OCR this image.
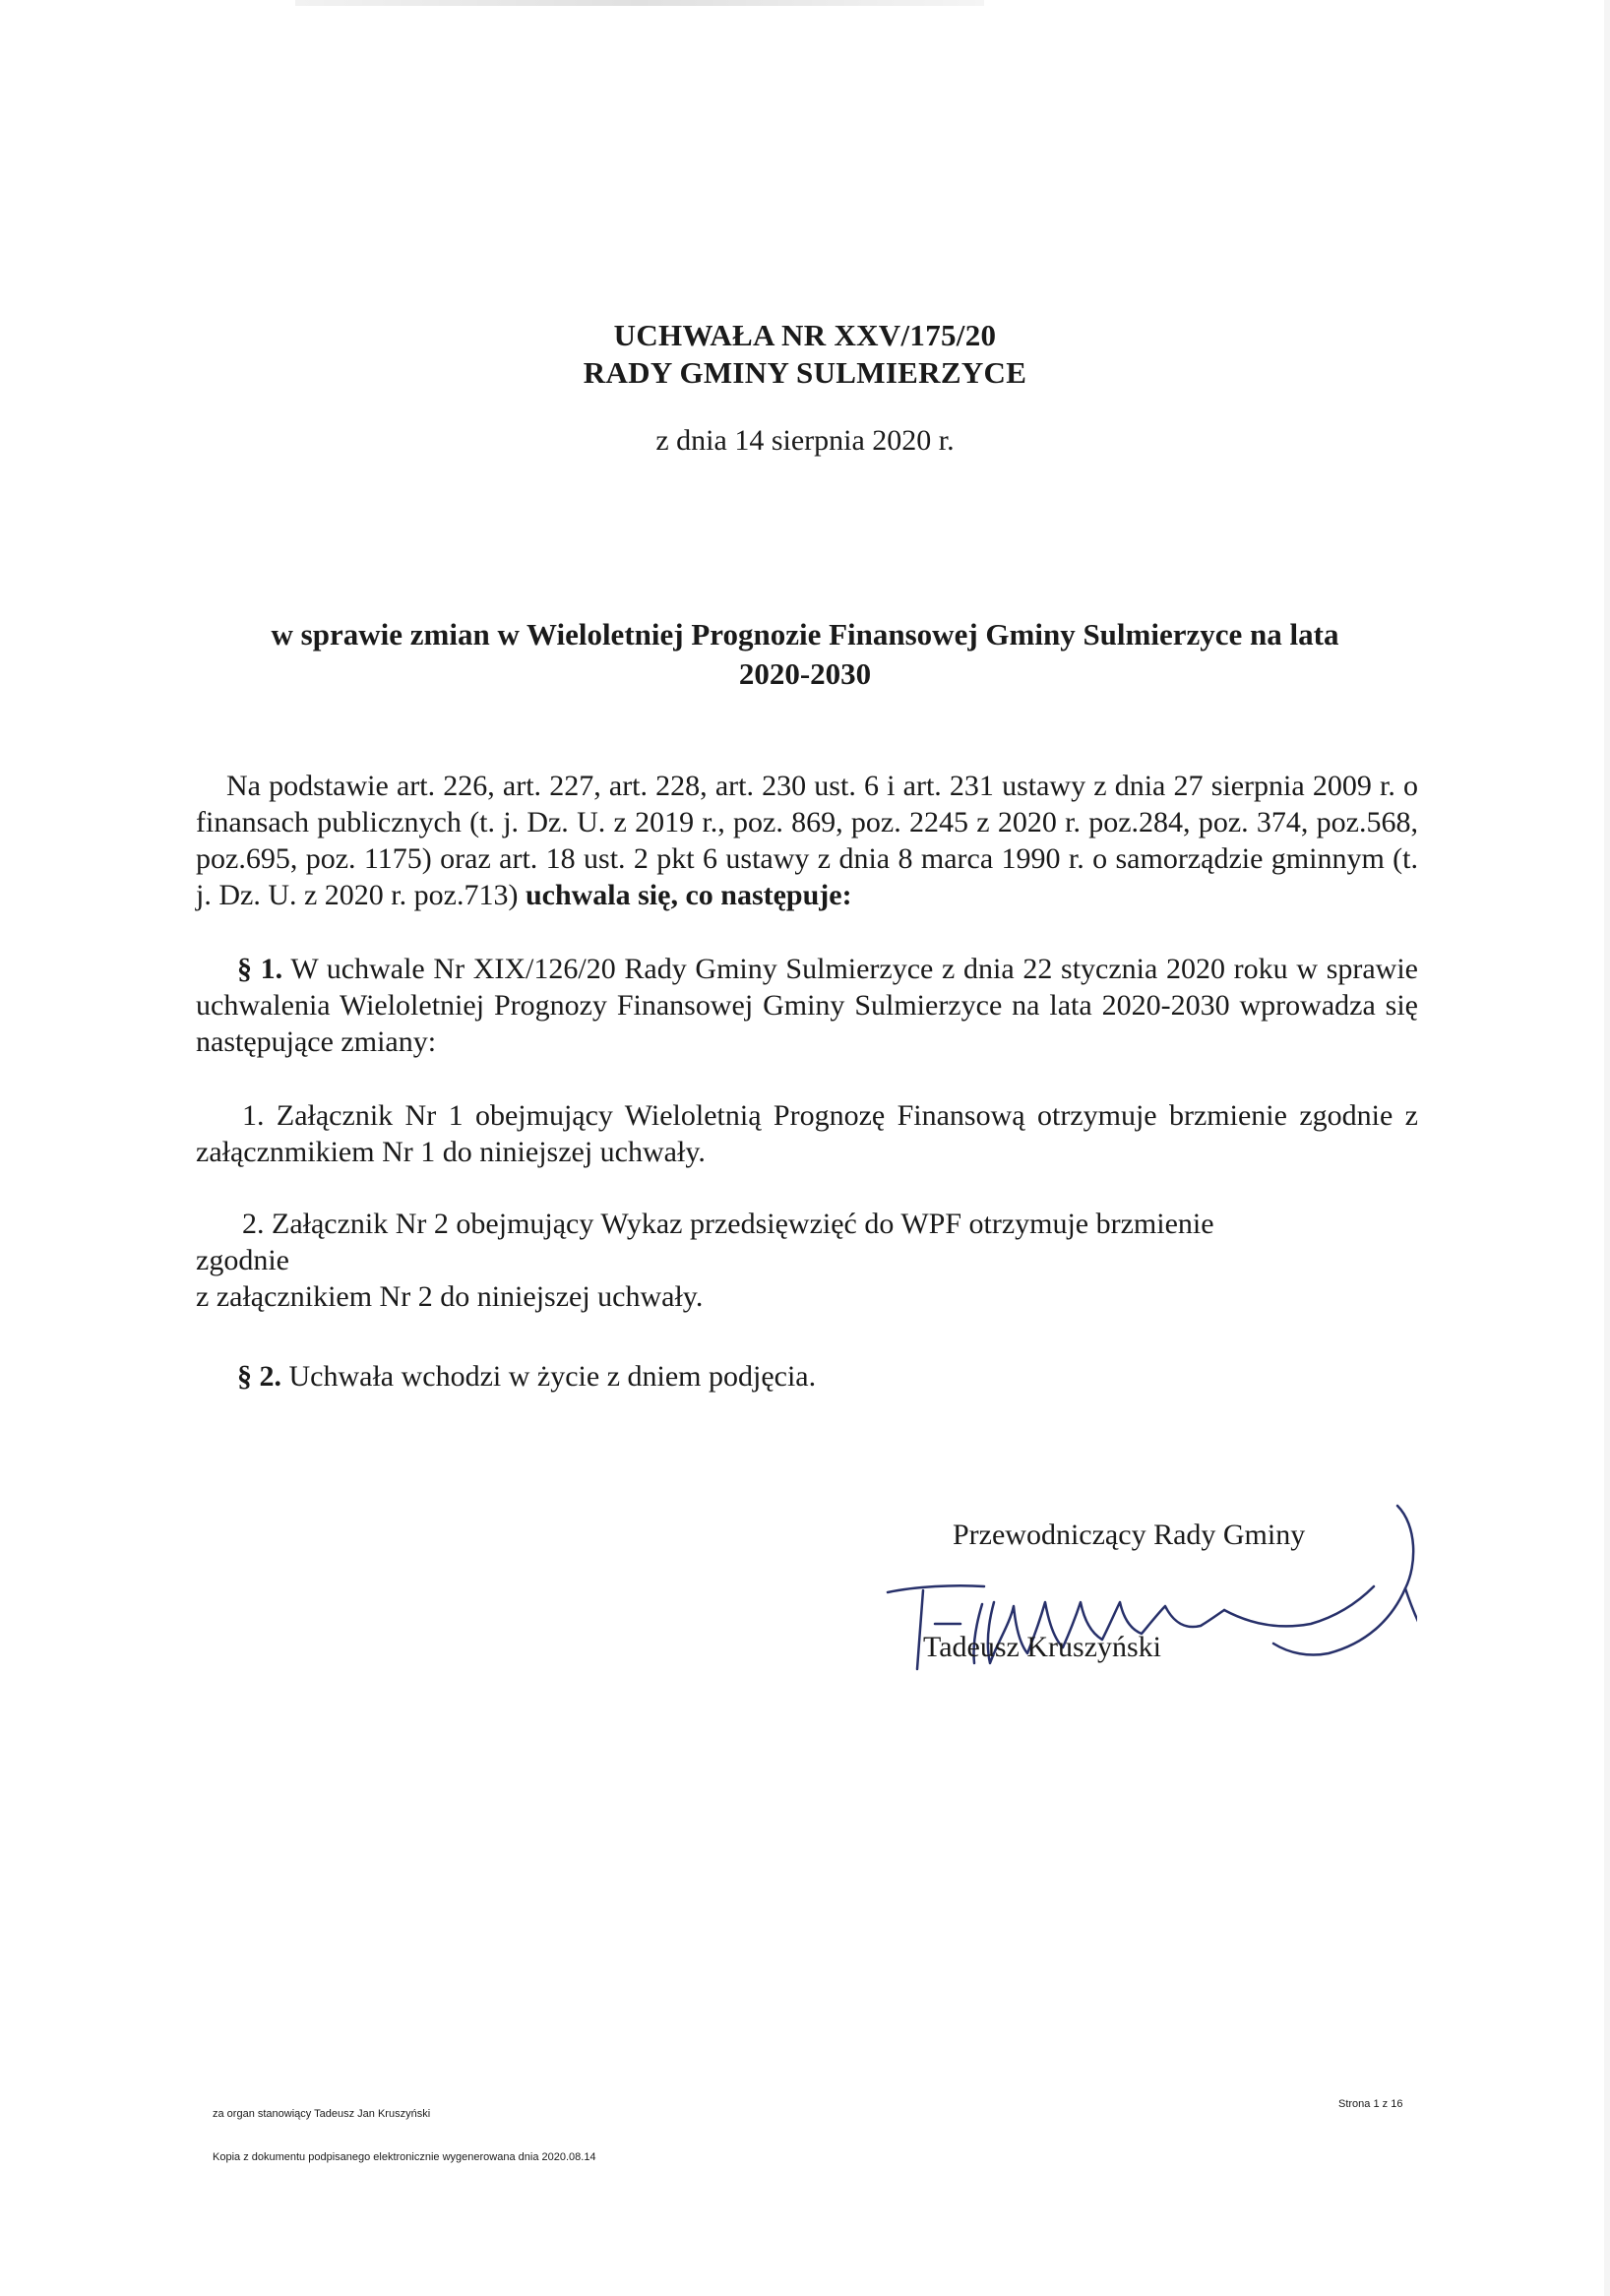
UCHWAŁA NR XXV/175/20
RADY GMINY SULMIERZYCE
z dnia 14 sierpnia 2020 r.
w sprawie zmian w Wieloletniej Prognozie Finansowej Gminy Sulmierzyce na lata
2020-2030
Na podstawie art. 226, art. 227, art. 228, art. 230 ust. 6 i art. 231 ustawy z dnia 27 sierpnia 2009 r. o finansach publicznych (t. j. Dz. U. z 2019 r., poz. 869, poz. 2245 z 2020 r. poz.284, poz. 374, poz.568, poz.695, poz. 1175) oraz art. 18 ust. 2 pkt 6 ustawy z dnia 8 marca 1990 r. o samorządzie gminnym (t. j. Dz. U. z 2020 r. poz.713) uchwala się, co następuje:
§ 1. W uchwale Nr XIX/126/20 Rady Gminy Sulmierzyce z dnia 22 stycznia 2020 roku w sprawie uchwalenia Wieloletniej Prognozy Finansowej Gminy Sulmierzyce na lata 2020-2030 wprowadza się następujące zmiany:
1. Załącznik Nr 1 obejmujący Wieloletnią Prognozę Finansową otrzymuje brzmienie zgodnie z załącznmikiem Nr 1 do niniejszej uchwały.
2. Załącznik Nr 2 obejmujący Wykaz przedsięwzięć do WPF otrzymuje brzmienie
zgodnie
z załącznikiem Nr 2 do niniejszej uchwały.
§ 2. Uchwała wchodzi w życie z dniem podjęcia.
Przewodniczący Rady Gminy
Tadeusz Kruszyński
za organ stanowiący Tadeusz Jan Kruszyński
Kopia z dokumentu podpisanego elektronicznie wygenerowana dnia 2020.08.14
Strona 1 z 16
